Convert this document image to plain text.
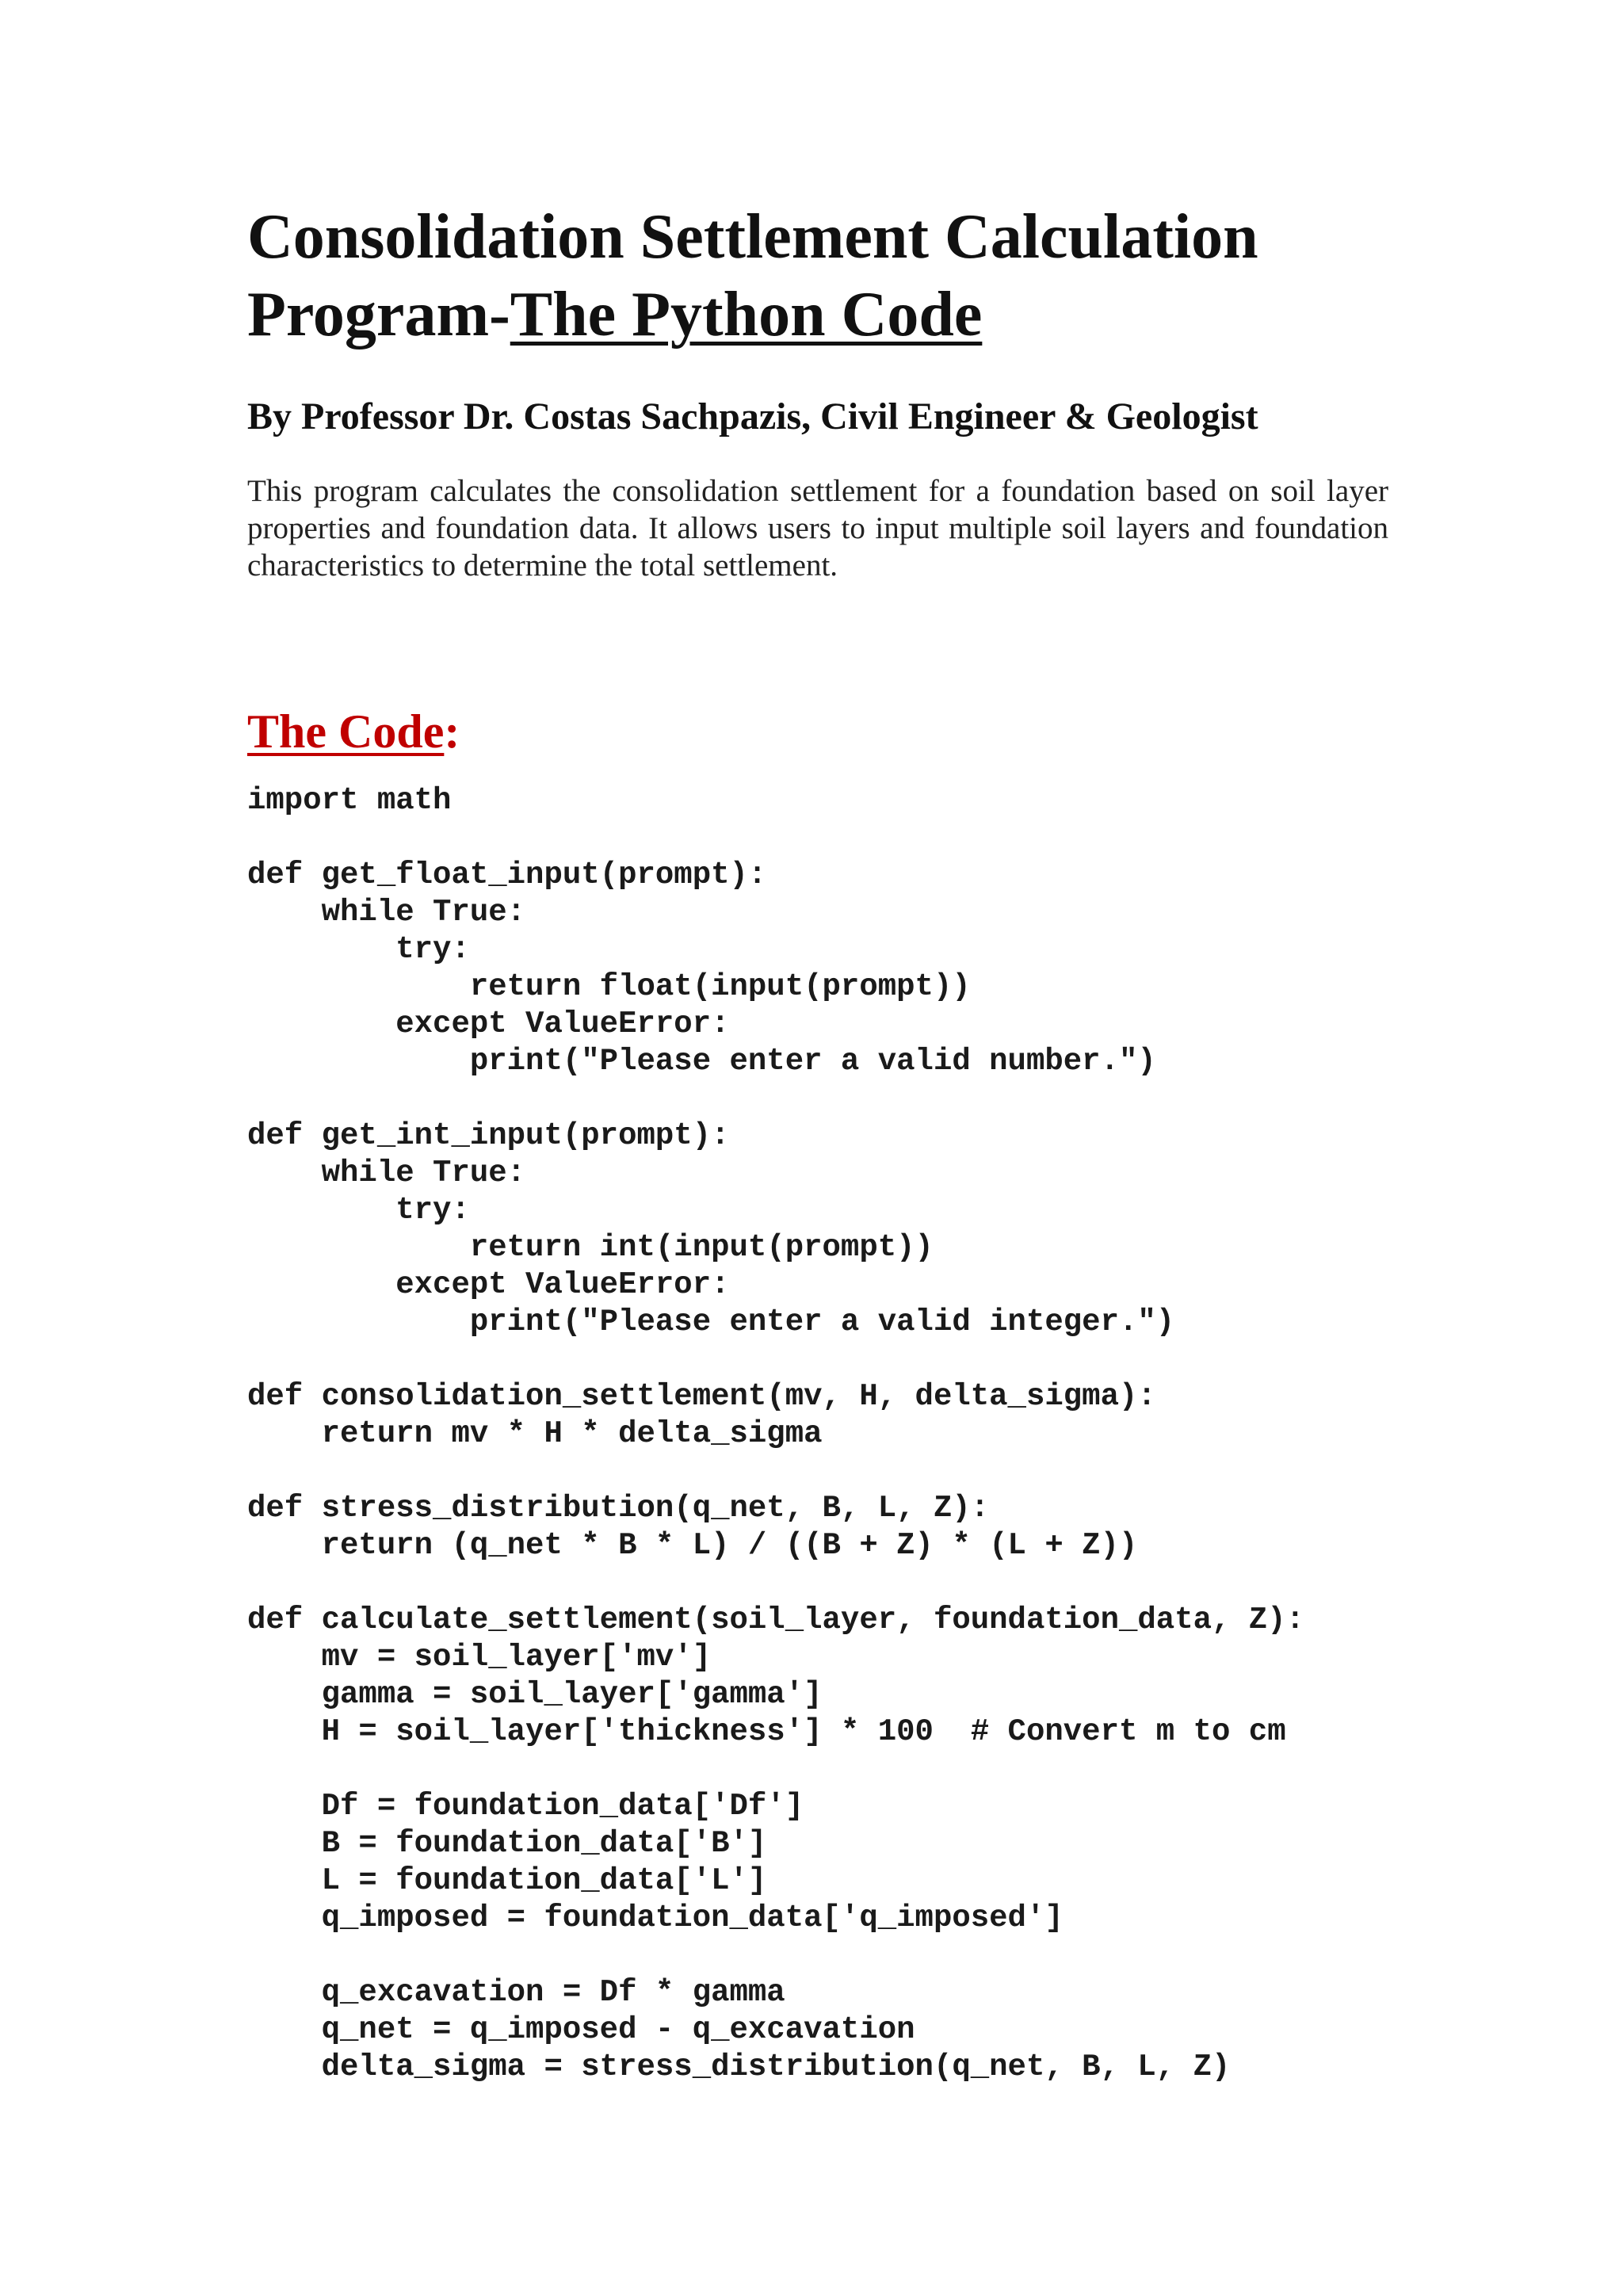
Consolidation Settlement Calculation Program-The Python Code

By Professor Dr. Costas Sachpazis, Civil Engineer & Geologist

This program calculates the consolidation settlement for a foundation based on soil layer properties and foundation data. It allows users to input multiple soil layers and foundation characteristics to determine the total settlement.

The Code:
import math
def get_float_input(prompt):
while True:
try:
return float(input(prompt))
except ValueError:
print("Please enter a valid number.")
def get_int_input(prompt):
while True:
try:
return int(input(prompt))
except ValueError:
print("Please enter a valid integer.")
def consolidation_settlement(mv, H, delta_sigma):
return mv * H * delta_sigma
def stress_distribution(q_net, B, L, Z):
return (q_net * B * L) / ((B + Z) * (L + Z))
def calculate_settlement(soil_layer, foundation_data, Z):
mv = soil_layer['mv']
gamma = soil_layer['gamma']
H = soil_layer['thickness'] * 100  # Convert m to cm
Df = foundation_data['Df']
B = foundation_data['B']
L = foundation_data['L']
q_imposed = foundation_data['q_imposed']
q_excavation = Df * gamma
q_net = q_imposed - q_excavation
delta_sigma = stress_distribution(q_net, B, L, Z)
